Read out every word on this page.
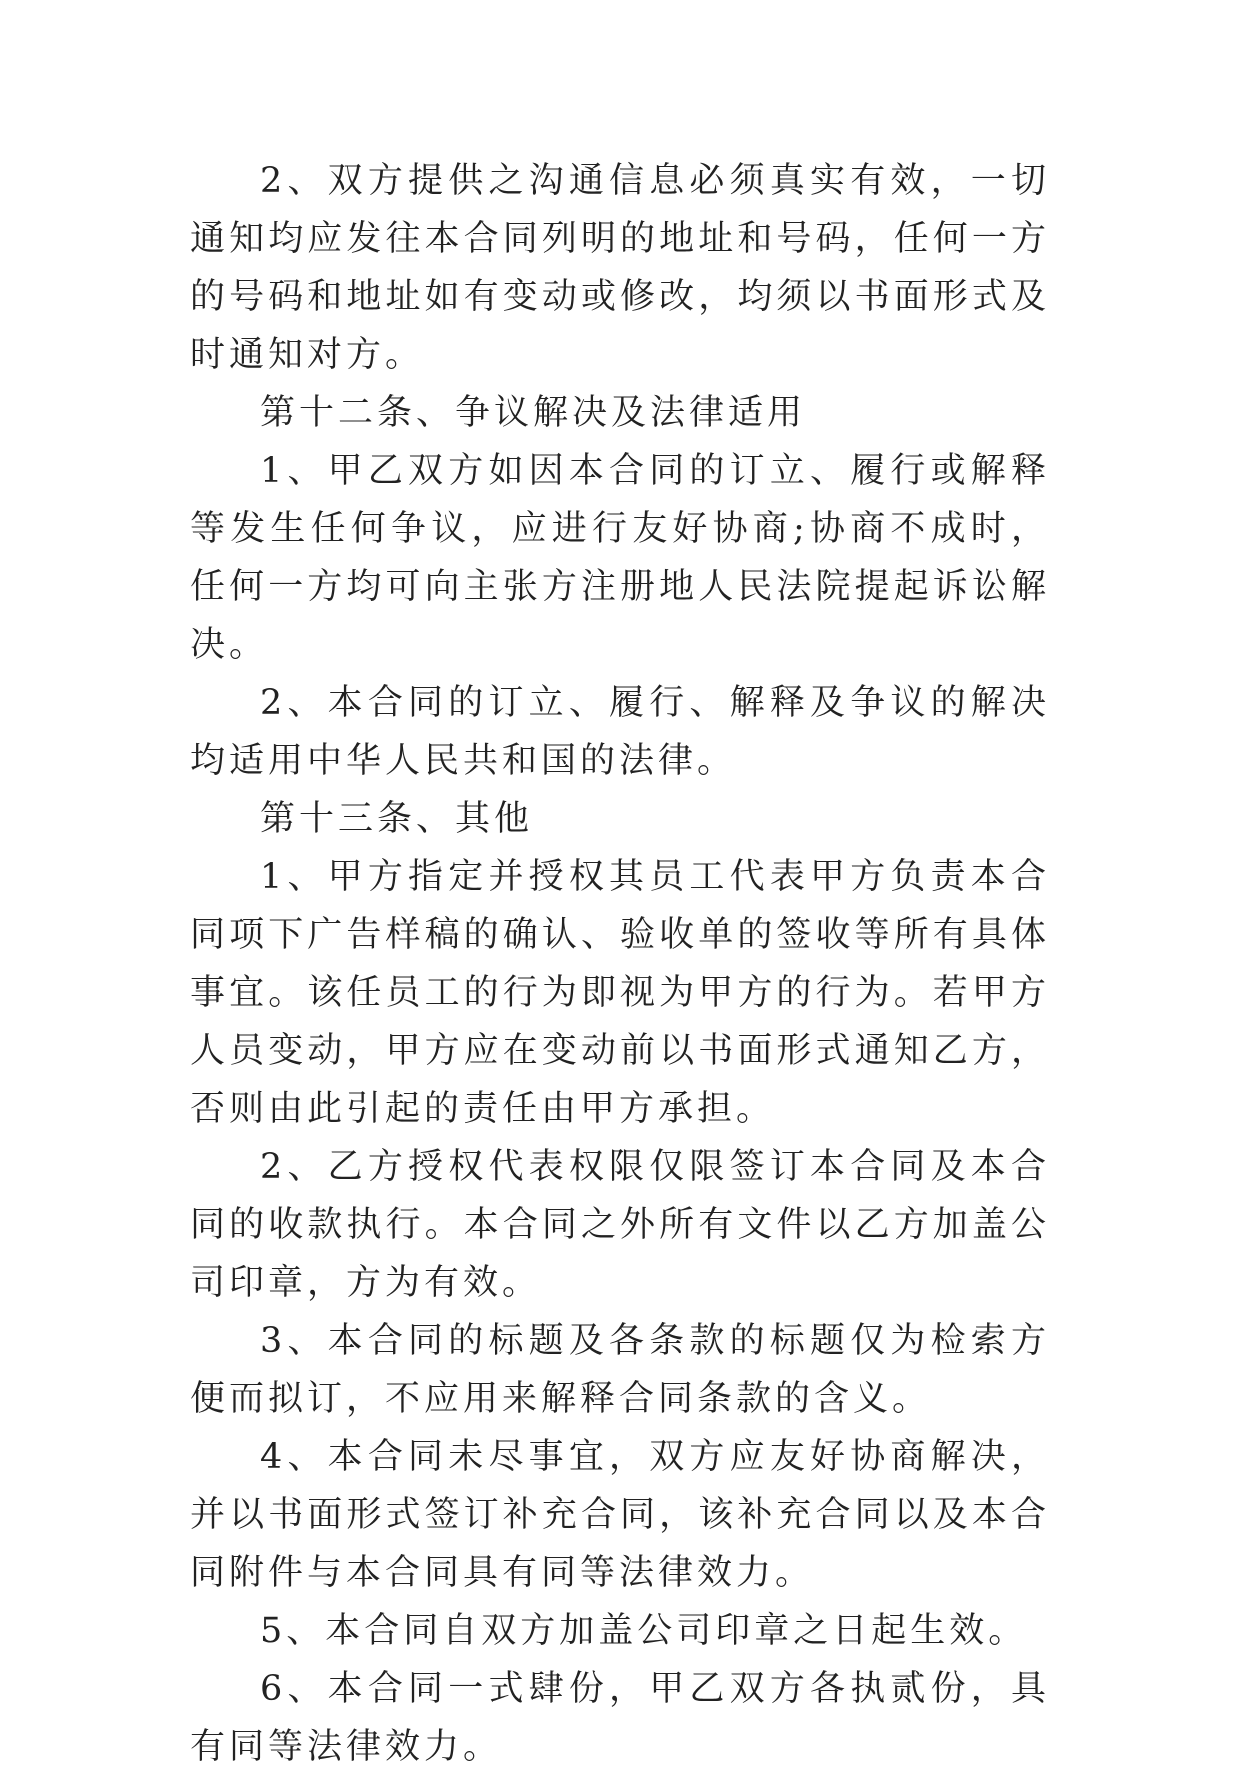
2、双方提供之沟通信息必须真实有效，一切通知均应发往本合同列明的地址和号码，任何一方的号码和地址如有变动或修改，均须以书面形式及时通知对方。

第十二条、争议解决及法律适用

1、甲乙双方如因本合同的订立、履行或解释等发生任何争议，应进行友好协商;协商不成时，任何一方均可向主张方注册地人民法院提起诉讼解决。

2、本合同的订立、履行、解释及争议的解决均适用中华人民共和国的法律。

第十三条、其他

1、甲方指定并授权其员工代表甲方负责本合同项下广告样稿的确认、验收单的签收等所有具体事宜。该任员工的行为即视为甲方的行为。若甲方人员变动，甲方应在变动前以书面形式通知乙方，否则由此引起的责任由甲方承担。

2、乙方授权代表权限仅限签订本合同及本合同的收款执行。本合同之外所有文件以乙方加盖公司印章，方为有效。

3、本合同的标题及各条款的标题仅为检索方便而拟订，不应用来解释合同条款的含义。

4、本合同未尽事宜，双方应友好协商解决，并以书面形式签订补充合同，该补充合同以及本合同附件与本合同具有同等法律效力。

5、本合同自双方加盖公司印章之日起生效。

6、本合同一式肆份，甲乙双方各执贰份，具有同等法律效力。
